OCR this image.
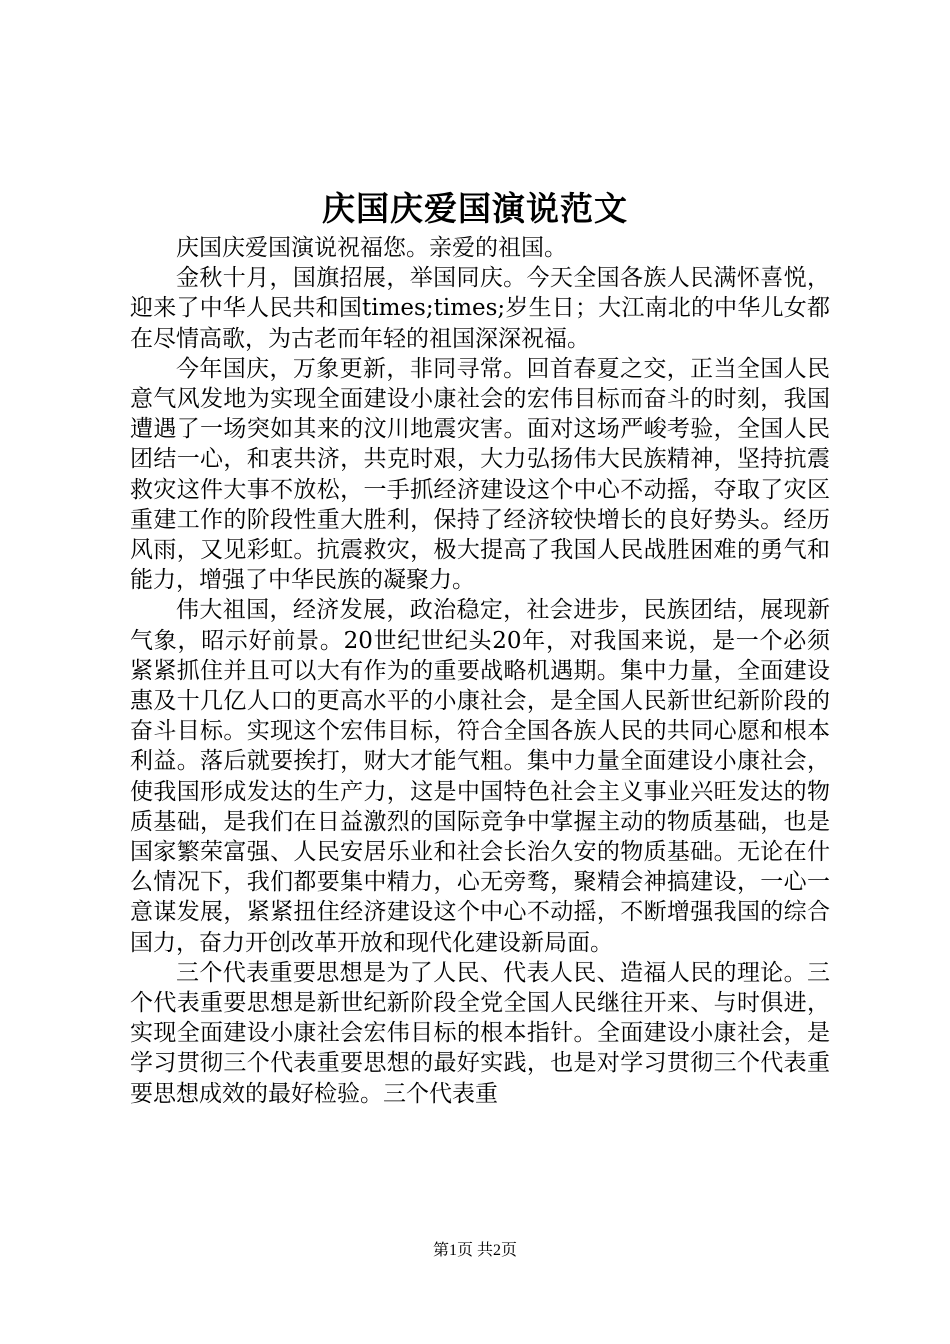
庆国庆爱国演说范文

庆国庆爱国演说祝福您。亲爱的祖国。

金秋十月，国旗招展，举国同庆。今天全国各族人民满怀喜悦，迎来了中华人民共和国times;times;岁生日；大江南北的中华儿女都在尽情高歌，为古老而年轻的祖国深深祝福。

今年国庆，万象更新，非同寻常。回首春夏之交，正当全国人民意气风发地为实现全面建设小康社会的宏伟目标而奋斗的时刻，我国遭遇了一场突如其来的汶川地震灾害。面对这场严峻考验，全国人民团结一心，和衷共济，共克时艰，大力弘扬伟大民族精神，坚持抗震救灾这件大事不放松，一手抓经济建设这个中心不动摇，夺取了灾区重建工作的阶段性重大胜利，保持了经济较快增长的良好势头。经历风雨，又见彩虹。抗震救灾，极大提高了我国人民战胜困难的勇气和能力，增强了中华民族的凝聚力。

伟大祖国，经济发展，政治稳定，社会进步，民族团结，展现新气象，昭示好前景。20世纪世纪头20年，对我国来说，是一个必须紧紧抓住并且可以大有作为的重要战略机遇期。集中力量，全面建设惠及十几亿人口的更高水平的小康社会，是全国人民新世纪新阶段的奋斗目标。实现这个宏伟目标，符合全国各族人民的共同心愿和根本利益。落后就要挨打，财大才能气粗。集中力量全面建设小康社会，使我国形成发达的生产力，这是中国特色社会主义事业兴旺发达的物质基础，是我们在日益激烈的国际竞争中掌握主动的物质基础，也是国家繁荣富强、人民安居乐业和社会长治久安的物质基础。无论在什么情况下，我们都要集中精力，心无旁骛，聚精会神搞建设，一心一意谋发展，紧紧扭住经济建设这个中心不动摇，不断增强我国的综合国力，奋力开创改革开放和现代化建设新局面。

三个代表重要思想是为了人民、代表人民、造福人民的理论。三个代表重要思想是新世纪新阶段全党全国人民继往开来、与时俱进，实现全面建设小康社会宏伟目标的根本指针。全面建设小康社会，是学习贯彻三个代表重要思想的最好实践，也是对学习贯彻三个代表重要思想成效的最好检验。三个代表重

第1页 共2页
